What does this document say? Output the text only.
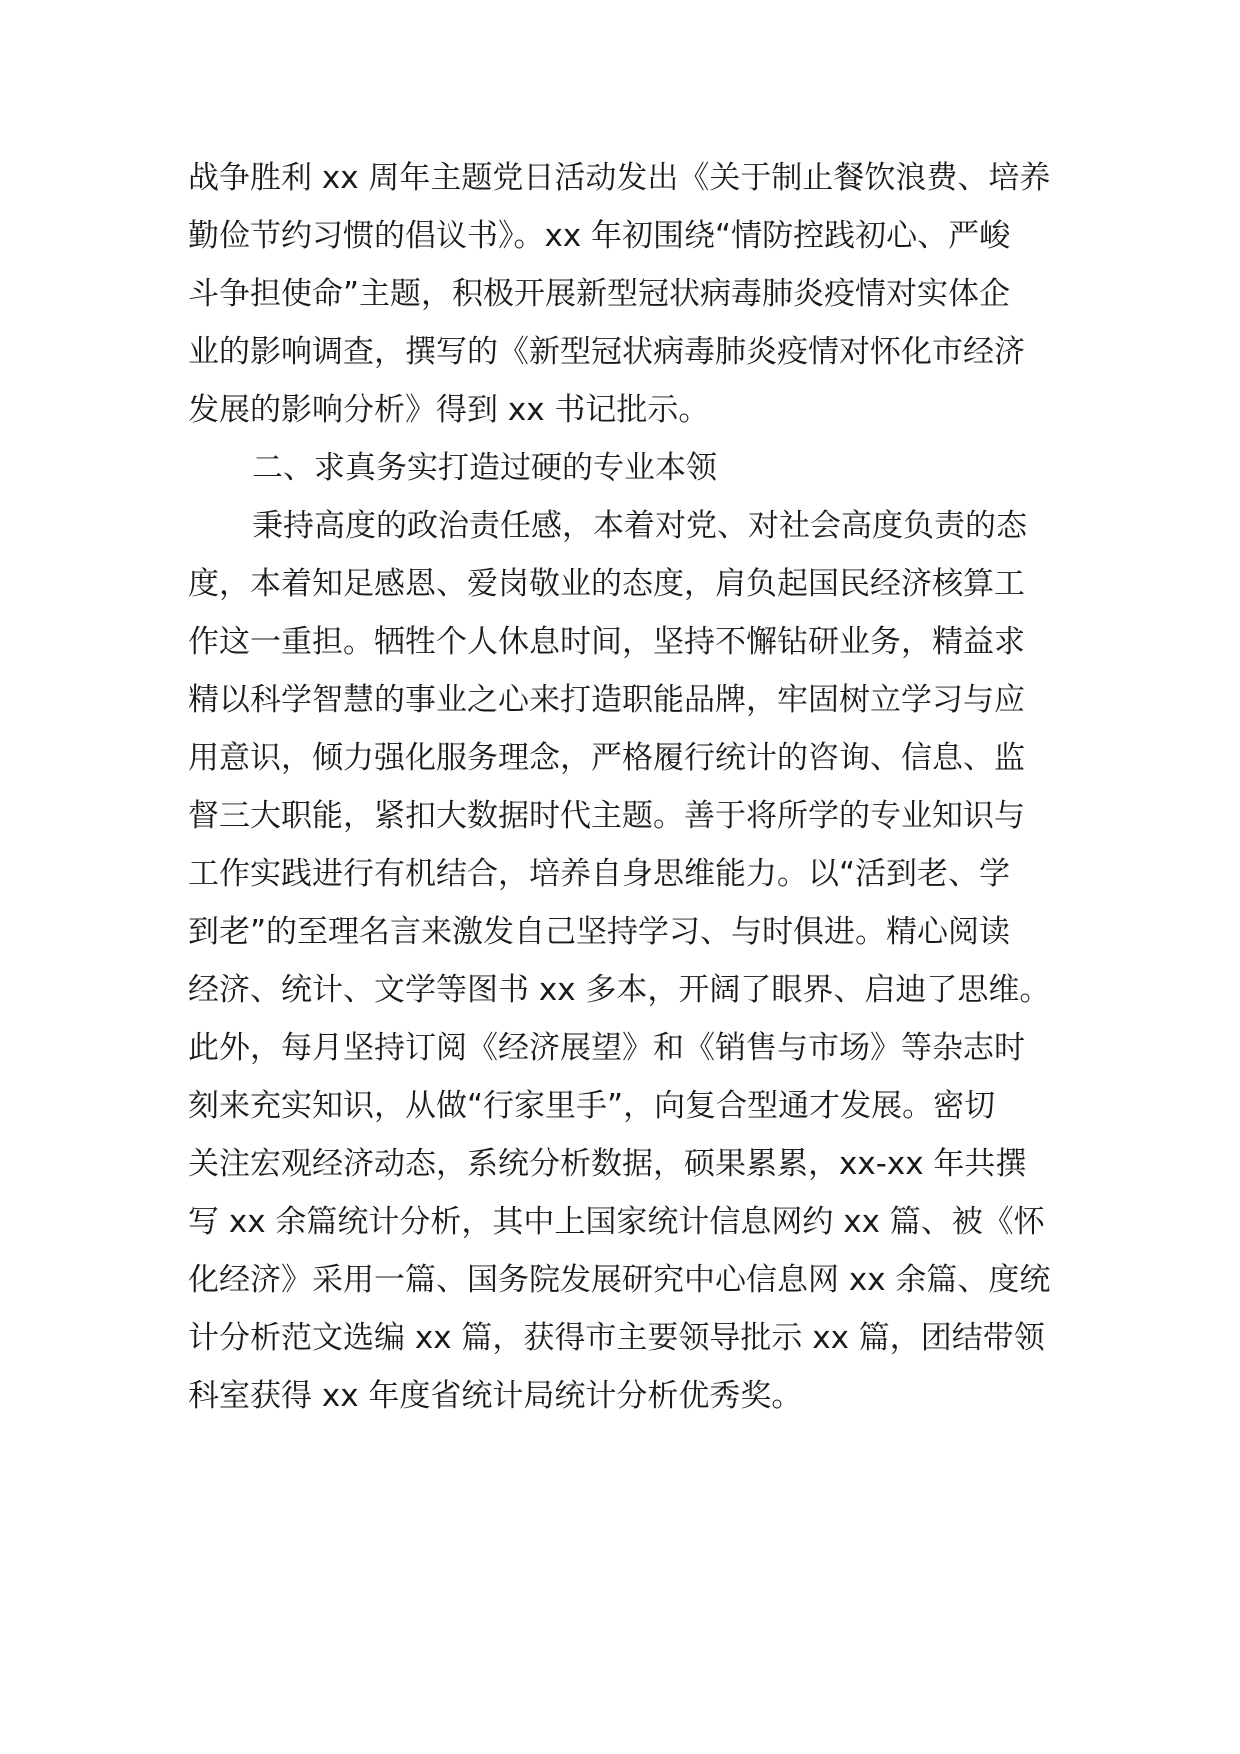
战争胜利 xx 周年主题党日活动发出《关于制止餐饮浪费、培养
勤俭节约习惯的倡议书》。xx 年初围绕“情防控践初心、严峻
斗争担使命”主题，积极开展新型冠状病毒肺炎疫情对实体企
业的影响调查，撰写的《新型冠状病毒肺炎疫情对怀化市经济
发展的影响分析》得到 xx 书记批示。
二、求真务实打造过硬的专业本领
秉持高度的政治责任感，本着对党、对社会高度负责的态
度，本着知足感恩、爱岗敬业的态度，肩负起国民经济核算工
作这一重担。牺牲个人休息时间，坚持不懈钻研业务，精益求
精以科学智慧的事业之心来打造职能品牌，牢固树立学习与应
用意识，倾力强化服务理念，严格履行统计的咨询、信息、监
督三大职能，紧扣大数据时代主题。善于将所学的专业知识与
工作实践进行有机结合，培养自身思维能力。以“活到老、学
到老”的至理名言来激发自己坚持学习、与时俱进。精心阅读
经济、统计、文学等图书 xx 多本，开阔了眼界、启迪了思维。
此外，每月坚持订阅《经济展望》和《销售与市场》等杂志时
刻来充实知识，从做“行家里手”，向复合型通才发展。密切
关注宏观经济动态，系统分析数据，硕果累累，xx-xx 年共撰
写 xx 余篇统计分析，其中上国家统计信息网约 xx 篇、被《怀
化经济》采用一篇、国务院发展研究中心信息网 xx 余篇、度统
计分析范文选编 xx 篇，获得市主要领导批示 xx 篇，团结带领
科室获得 xx 年度省统计局统计分析优秀奖。
